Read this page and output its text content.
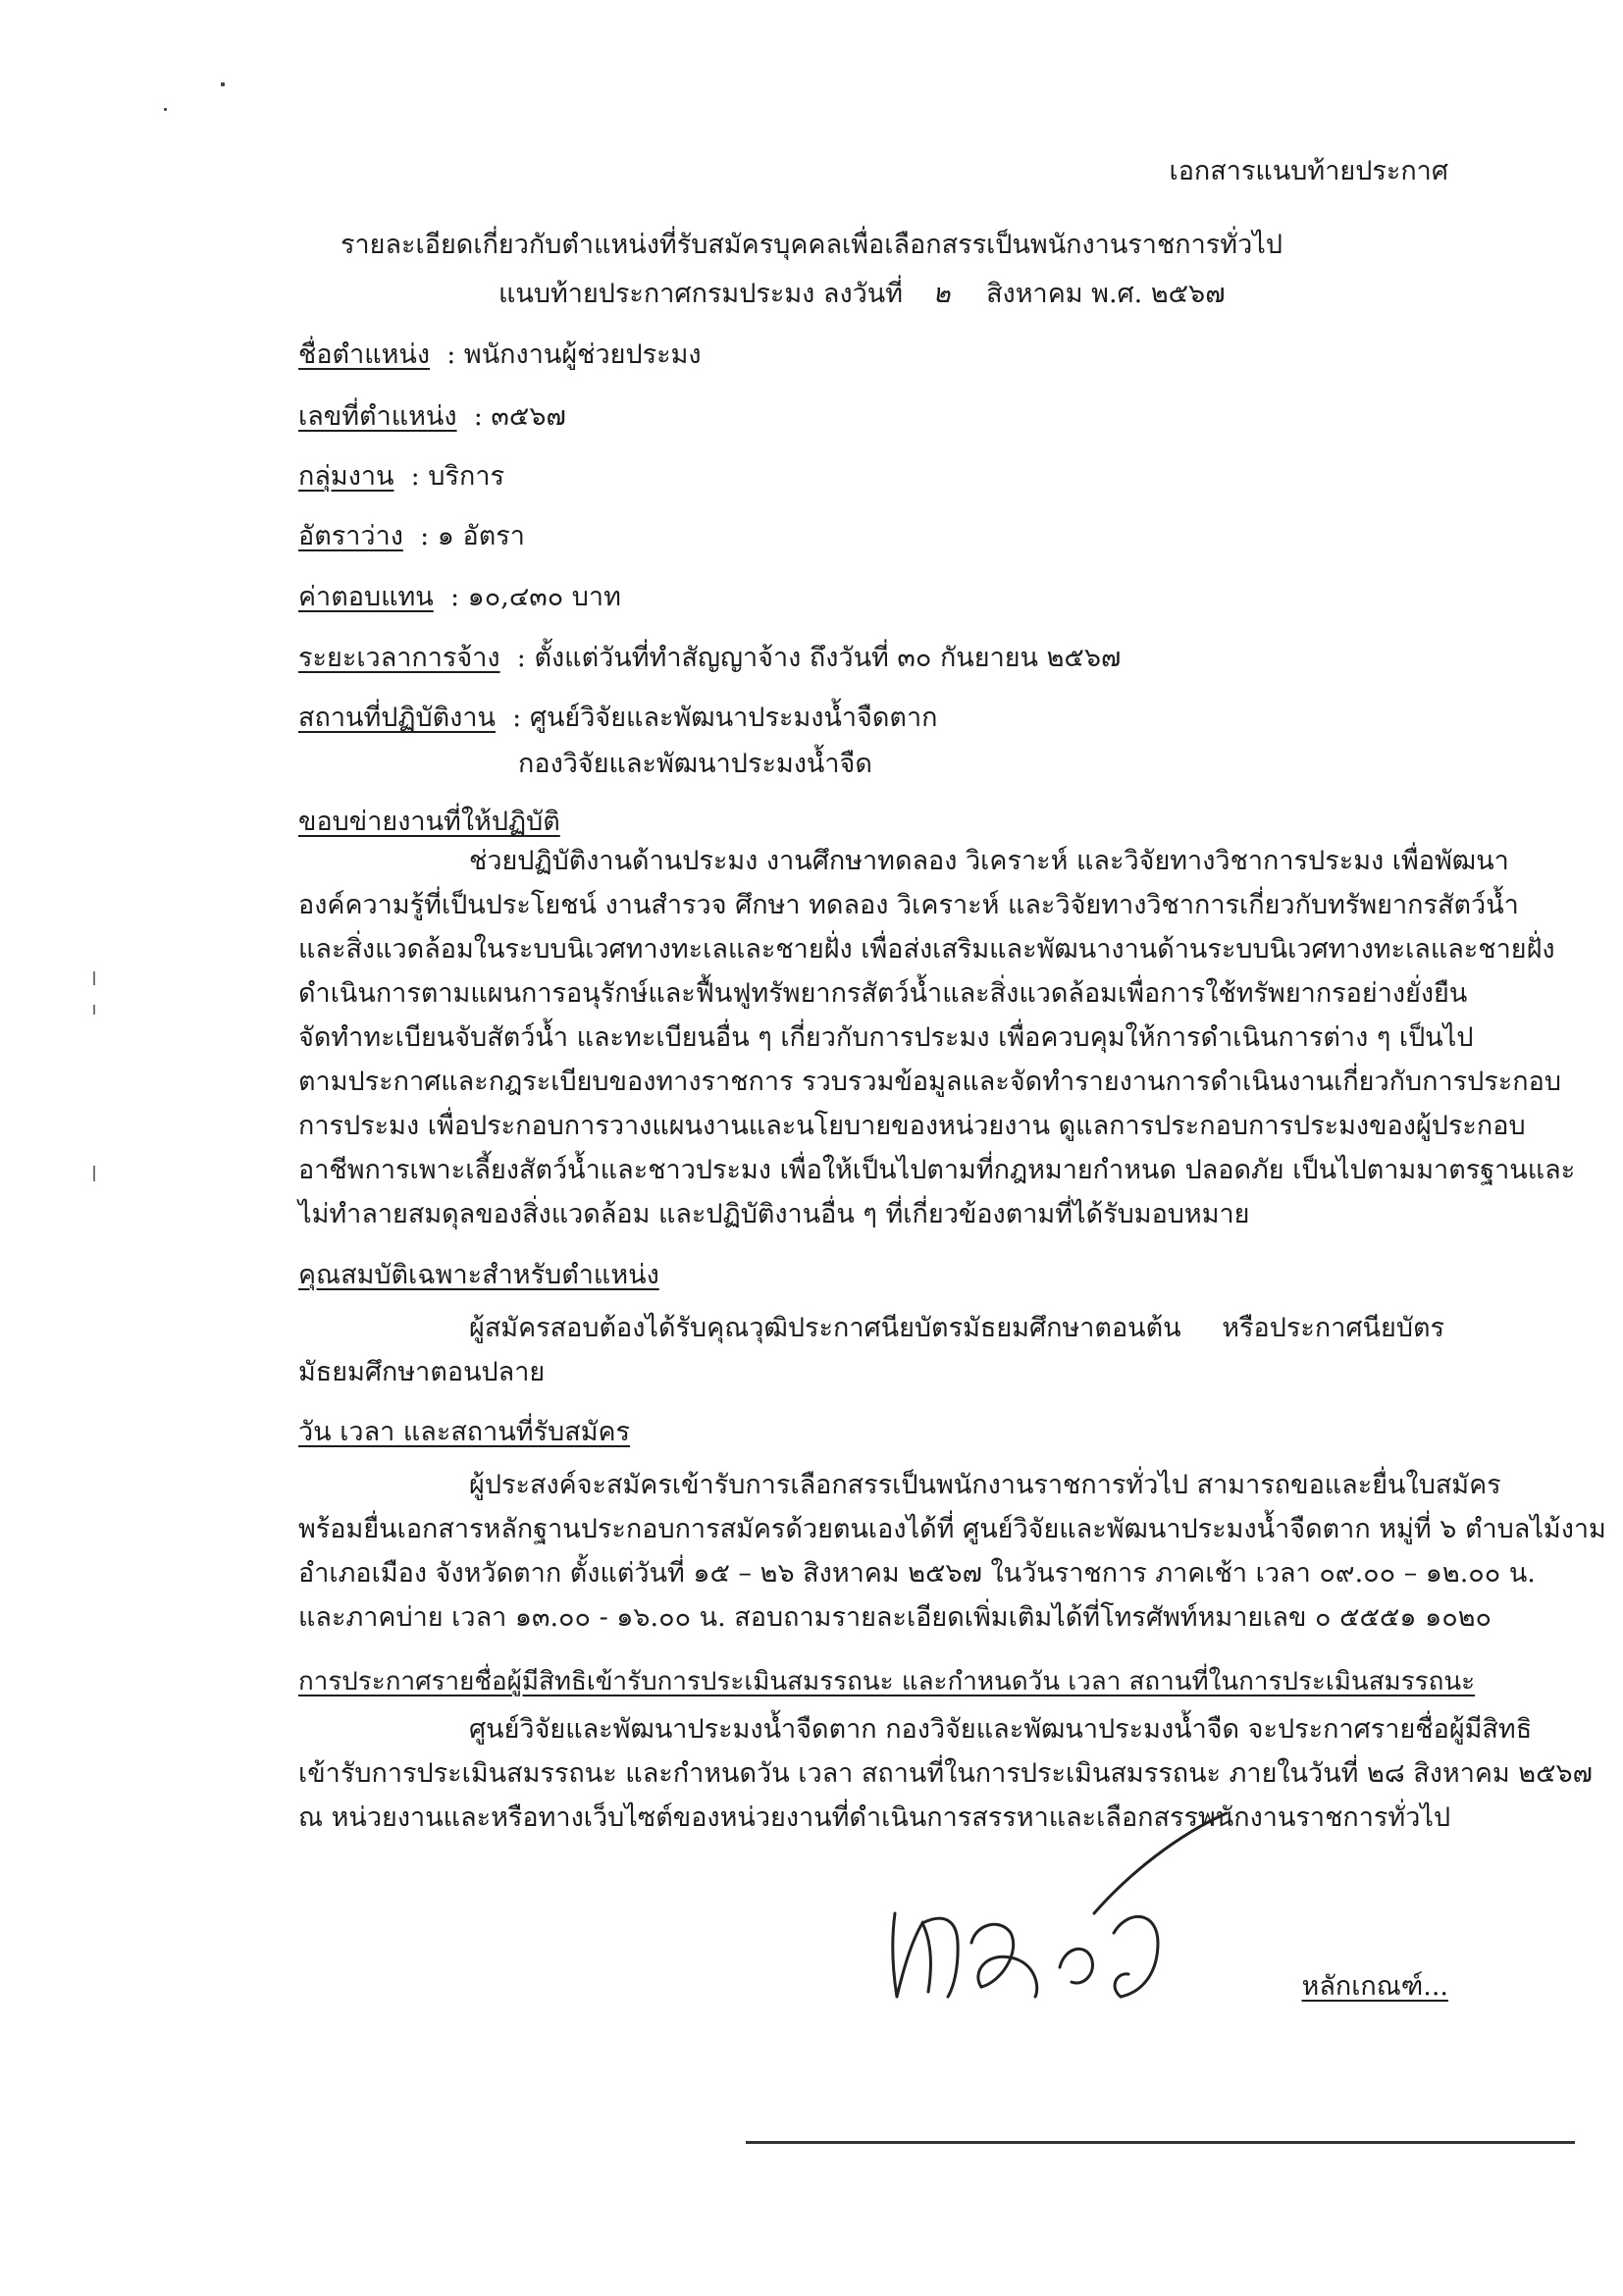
เอกสารแนบท้ายประกาศ
รายละเอียดเกี่ยวกับตำแหน่งที่รับสมัครบุคคลเพื่อเลือกสรรเป็นพนักงานราชการทั่วไป
แนบท้ายประกาศกรมประมง ลงวันที่ ๒ สิงหาคม พ.ศ. ๒๕๖๗
ชื่อตำแหน่ง : พนักงานผู้ช่วยประมง
เลขที่ตำแหน่ง : ๓๕๖๗
กลุ่มงาน : บริการ
อัตราว่าง : ๑ อัตรา
ค่าตอบแทน : ๑๐,๔๓๐ บาท
ระยะเวลาการจ้าง : ตั้งแต่วันที่ทำสัญญาจ้าง ถึงวันที่ ๓๐ กันยายน ๒๕๖๗
สถานที่ปฏิบัติงาน : ศูนย์วิจัยและพัฒนาประมงน้ำจืดตาก
กองวิจัยและพัฒนาประมงน้ำจืด
ขอบข่ายงานที่ให้ปฏิบัติ
ช่วยปฏิบัติงานด้านประมง งานศึกษาทดลอง วิเคราะห์ และวิจัยทางวิชาการประมง เพื่อพัฒนา
องค์ความรู้ที่เป็นประโยชน์ งานสำรวจ ศึกษา ทดลอง วิเคราะห์ และวิจัยทางวิชาการเกี่ยวกับทรัพยากรสัตว์น้ำ
และสิ่งแวดล้อมในระบบนิเวศทางทะเลและชายฝั่ง เพื่อส่งเสริมและพัฒนางานด้านระบบนิเวศทางทะเลและชายฝั่ง
ดำเนินการตามแผนการอนุรักษ์และฟื้นฟูทรัพยากรสัตว์น้ำและสิ่งแวดล้อมเพื่อการใช้ทรัพยากรอย่างยั่งยืน
จัดทำทะเบียนจับสัตว์น้ำ และทะเบียนอื่น ๆ เกี่ยวกับการประมง เพื่อควบคุมให้การดำเนินการต่าง ๆ เป็นไป
ตามประกาศและกฎระเบียบของทางราชการ รวบรวมข้อมูลและจัดทำรายงานการดำเนินงานเกี่ยวกับการประกอบ
การประมง เพื่อประกอบการวางแผนงานและนโยบายของหน่วยงาน ดูแลการประกอบการประมงของผู้ประกอบ
อาชีพการเพาะเลี้ยงสัตว์น้ำและชาวประมง เพื่อให้เป็นไปตามที่กฎหมายกำหนด ปลอดภัย เป็นไปตามมาตรฐานและ
ไม่ทำลายสมดุลของสิ่งแวดล้อม และปฏิบัติงานอื่น ๆ ที่เกี่ยวข้องตามที่ได้รับมอบหมาย
คุณสมบัติเฉพาะสำหรับตำแหน่ง
ผู้สมัครสอบต้องได้รับคุณวุฒิประกาศนียบัตรมัธยมศึกษาตอนต้น หรือประกาศนียบัตร
มัธยมศึกษาตอนปลาย
วัน เวลา และสถานที่รับสมัคร
ผู้ประสงค์จะสมัครเข้ารับการเลือกสรรเป็นพนักงานราชการทั่วไป สามารถขอและยื่นใบสมัคร
พร้อมยื่นเอกสารหลักฐานประกอบการสมัครด้วยตนเองได้ที่ ศูนย์วิจัยและพัฒนาประมงน้ำจืดตาก หมู่ที่ ๖ ตำบลไม้งาม
อำเภอเมือง จังหวัดตาก ตั้งแต่วันที่ ๑๕ – ๒๖ สิงหาคม ๒๕๖๗ ในวันราชการ ภาคเช้า เวลา ๐๙.๐๐ – ๑๒.๐๐ น.
และภาคบ่าย เวลา ๑๓.๐๐ - ๑๖.๐๐ น. สอบถามรายละเอียดเพิ่มเติมได้ที่โทรศัพท์หมายเลข ๐ ๕๕๕๑ ๑๐๒๐
การประกาศรายชื่อผู้มีสิทธิเข้ารับการประเมินสมรรถนะ และกำหนดวัน เวลา สถานที่ในการประเมินสมรรถนะ
ศูนย์วิจัยและพัฒนาประมงน้ำจืดตาก กองวิจัยและพัฒนาประมงน้ำจืด จะประกาศรายชื่อผู้มีสิทธิ
เข้ารับการประเมินสมรรถนะ และกำหนดวัน เวลา สถานที่ในการประเมินสมรรถนะ ภายในวันที่ ๒๘ สิงหาคม ๒๕๖๗
ณ หน่วยงานและหรือทางเว็บไซต์ของหน่วยงานที่ดำเนินการสรรหาและเลือกสรรพนักงานราชการทั่วไป
หลักเกณฑ์...
